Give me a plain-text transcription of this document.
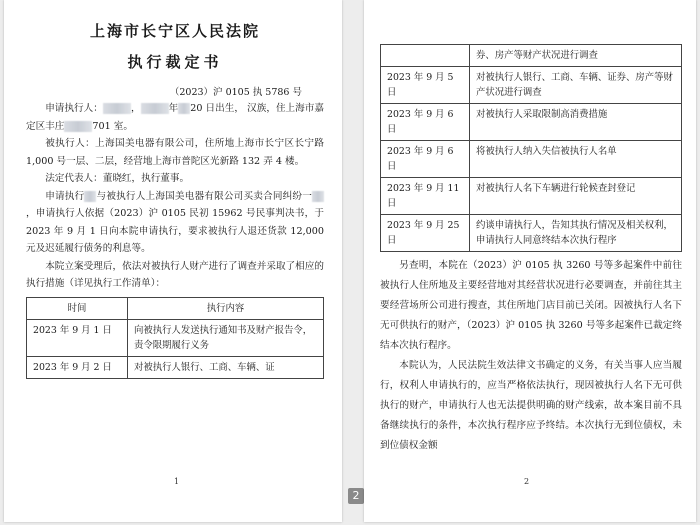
上海市长宁区人民法院
执行裁定书
（2023）沪 0105 执 5786 号

申请执行人：	，	年 20 日出生， 汉族，住上海市嘉定区丰庄	701 室。

被执行人：上海国美电器有限公司，住所地上海市长宁区长宁路 1,000 号一层、二层，经营地上海市普陀区光新路 132 弄 4 楼。

法定代表人：董晓红，执行董事。

申请执行 与被执行人上海国美电器有限公司买卖合同纠纷一，申请执行人依据（2023）沪 0105 民初 15962 号民事判决书，于 2023 年 9 月 1 日向本院申请执行，要求被执行人退还货款 12,000 元及迟延履行债务的利息等。

本院立案受理后，依法对被执行人财产进行了调查并采取了相应的执行措施（详见执行工作清单）：

时间	执行内容
2023 年 9 月 1 日	向被执行人发送执行通知书及财产报告令，责令限期履行义务
2023 年 9 月 2 日	对被执行人银行、工商、车辆、证
1
2
	券、房产等财产状况进行调查
2023 年 9 月 5 日	对被执行人银行、工商、车辆、证券、房产等财产状况进行调查
2023 年 9 月 6 日	对被执行人采取限制高消费措施
2023 年 9 月 6 日	将被执行人纳入失信被执行人名单
2023 年 9 月 11 日	对被执行人名下车辆进行轮候查封登记
2023 年 9 月 25 日	约谈申请执行人，告知其执行情况及相关权利，申请执行人同意终结本次执行程序

另查明，本院在（2023）沪 0105 执 3260 号等多起案件中前往被执行人住所地及主要经营地对其经营状况进行必要调查，并前往其主要经营场所公司进行搜查，其住所地门店目前已关闭。因被执行人名下无可供执行的财产，（2023）沪 0105 执 3260 号等多起案件已裁定终结本次执行程序。

本院认为，人民法院生效法律文书确定的义务，有关当事人应当履行，权利人申请执行的，应当严格依法执行，现因被执行人名下无可供执行的财产，申请执行人也无法提供明确的财产线索，故本案目前不具备继续执行的条件，本次执行程序应予终结。本次执行无到位债权，未到位债权金额

2
